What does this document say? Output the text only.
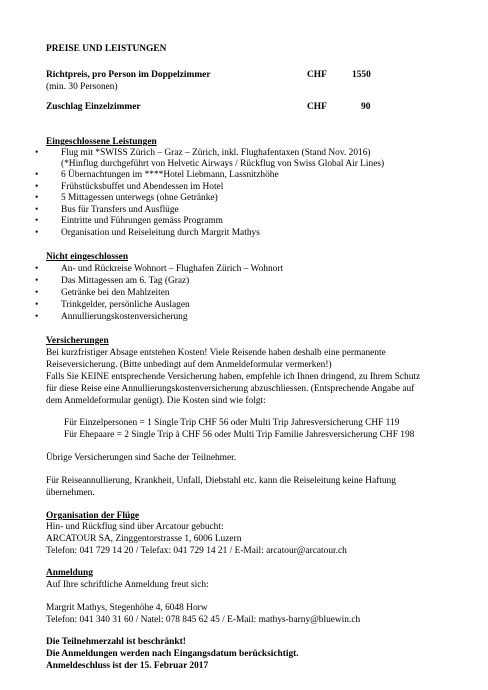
PREISE UND LEISTUNGEN
Richtpreis, pro Person im Doppelzimmer	CHF	1550
(min. 30 Personen)
Zuschlag Einzelzimmer	CHF	90
Eingeschlossene Leistungen
• Flug mit *SWISS Zürich – Graz – Zürich, inkl. Flughafentaxen (Stand Nov. 2016)
(*Hinflug durchgeführt von Helvetic Airways / Rückflug von Swiss Global Air Lines)
• 6 Übernachtungen im ****Hotel Liebmann, Lassnitzhöhe
• Frühstücksbuffet und Abendessen im Hotel
• 5 Mittagessen unterwegs (ohne Getränke)
• Bus für Transfers und Ausflüge
• Eintritte und Führungen gemäss Programm
• Organisation und Reiseleitung durch Margrit Mathys
Nicht eingeschlossen
• An- und Rückreise Wohnort – Flughafen Zürich – Wohnort
• Das Mittagessen am 6. Tag (Graz)
• Getränke bei den Mahlzeiten
• Trinkgelder, persönliche Auslagen
• Annullierungskostenversicherung
Versicherungen
Bei kurzfristiger Absage entstehen Kosten! Viele Reisende haben deshalb eine permanente
Reiseversicherung. (Bitte unbedingt auf dem Anmeldeformular vermerken!)
Falls Sie KEINE entsprechende Versicherung haben, empfehle ich Ihnen dringend, zu Ihrem Schutz
für diese Reise eine Annullierungskostenversicherung abzuschliessen. (Entsprechende Angabe auf
dem Anmeldeformular genügt). Die Kosten sind wie folgt:
Für Einzelpersonen = 1 Single Trip CHF 56 oder Multi Trip Jahresversicherung CHF 119
Für Ehepaare = 2 Single Trip à CHF 56 oder Multi Trip Familie Jahresversicherung CHF 198
Übrige Versicherungen sind Sache der Teilnehmer.
Für Reiseannullierung, Krankheit, Unfall, Diebstahl etc. kann die Reiseleitung keine Haftung
übernehmen.
Organisation der Flüge
Hin- und Rückflug sind über Arcatour gebucht:
ARCATOUR SA, Zinggentorstrasse 1, 6006 Luzern
Telefon: 041 729 14 20 / Telefax: 041 729 14 21 / E-Mail: arcatour@arcatour.ch
Anmeldung
Auf Ihre schriftliche Anmeldung freut sich:
Margrit Mathys, Stegenhöhe 4, 6048 Horw
Telefon: 041 340 31 60 / Natel: 078 845 62 45 / E-Mail: mathys-barny@bluewin.ch
Die Teilnehmerzahl ist beschränkt!
Die Anmeldungen werden nach Eingangsdatum berücksichtigt.
Anmeldeschluss ist der 15. Februar 2017
